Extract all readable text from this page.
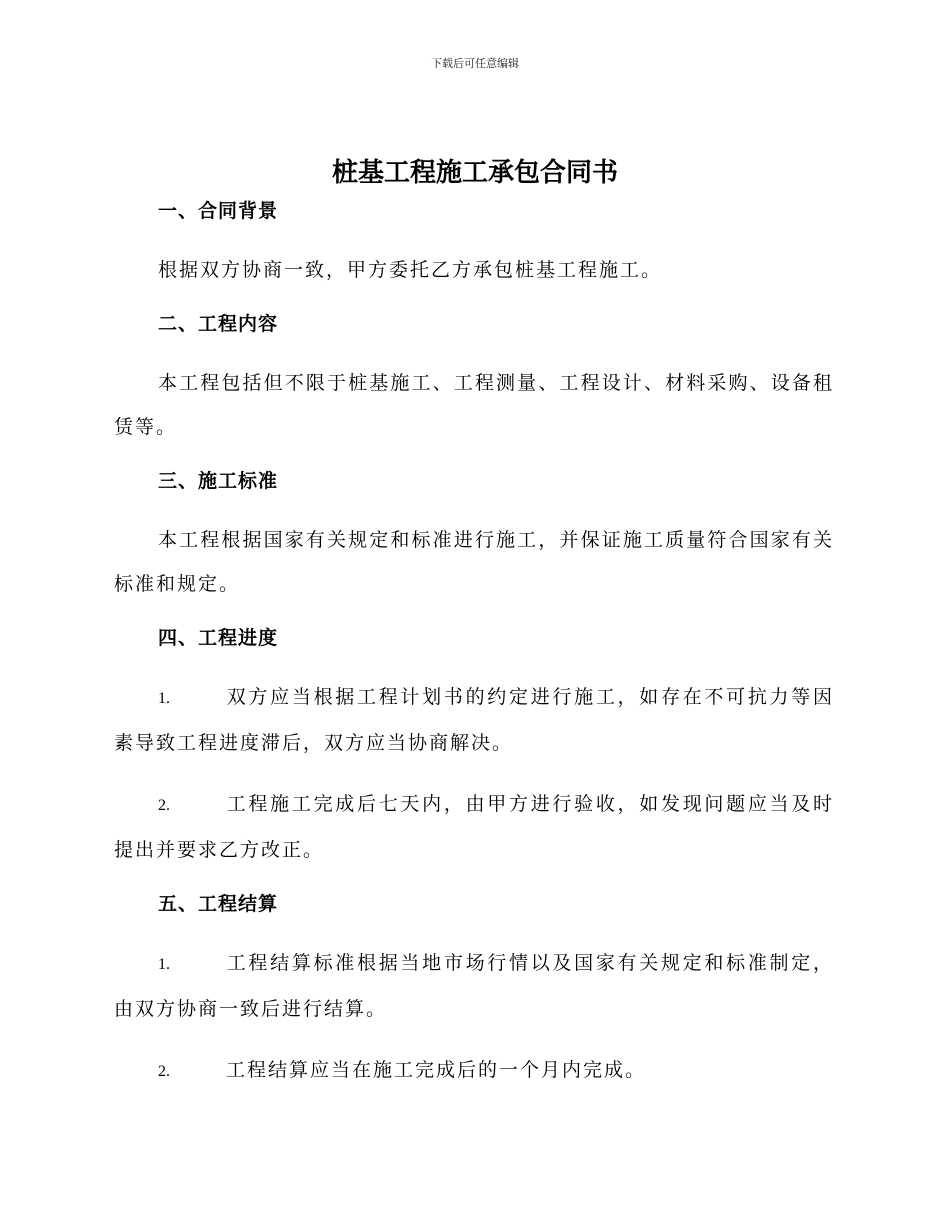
下载后可任意编辑
桩基工程施工承包合同书
一、合同背景
根据双方协商一致，甲方委托乙方承包桩基工程施工。
二、工程内容
本工程包括但不限于桩基施工、工程测量、工程设计、材料采购、设备租赁等。
三、施工标准
本工程根据国家有关规定和标准进行施工，并保证施工质量符合国家有关标准和规定。
四、工程进度
1.	双方应当根据工程计划书的约定进行施工，如存在不可抗力等因素导致工程进度滞后，双方应当协商解决。
2.	工程施工完成后七天内，由甲方进行验收，如发现问题应当及时提出并要求乙方改正。
五、工程结算
1.	工程结算标准根据当地市场行情以及国家有关规定和标准制定，由双方协商一致后进行结算。
2.	工程结算应当在施工完成后的一个月内完成。
